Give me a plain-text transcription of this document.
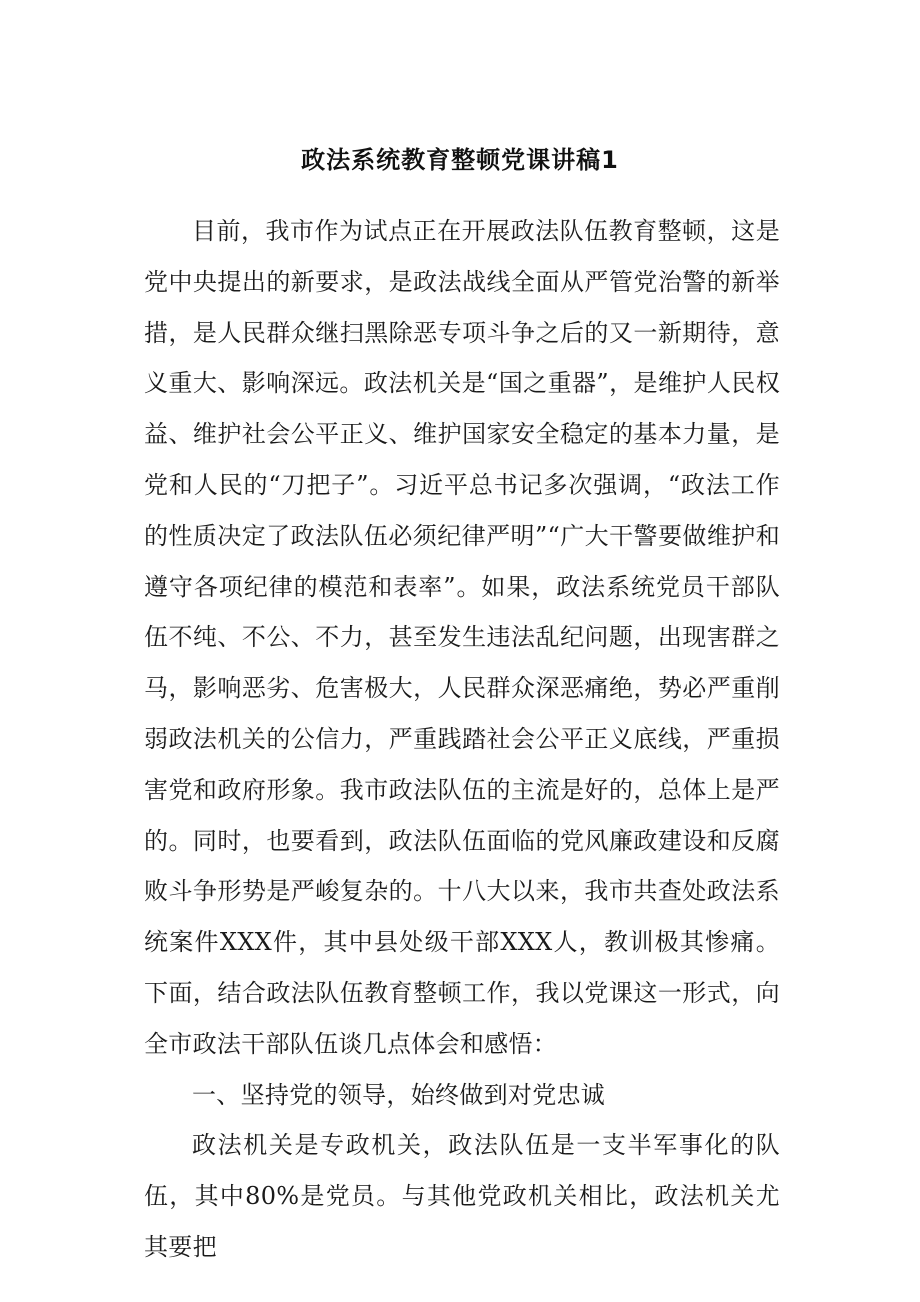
政法系统教育整顿党课讲稿1

目前，我市作为试点正在开展政法队伍教育整顿，这是党中央提出的新要求，是政法战线全面从严管党治警的新举措，是人民群众继扫黑除恶专项斗争之后的又一新期待，意义重大、影响深远。政法机关是“国之重器”，是维护人民权益、维护社会公平正义、维护国家安全稳定的基本力量，是党和人民的“刀把子”。习近平总书记多次强调，“政法工作的性质决定了政法队伍必须纪律严明”“广大干警要做维护和遵守各项纪律的模范和表率”。如果，政法系统党员干部队伍不纯、不公、不力，甚至发生违法乱纪问题，出现害群之马，影响恶劣、危害极大，人民群众深恶痛绝，势必严重削弱政法机关的公信力，严重践踏社会公平正义底线，严重损害党和政府形象。我市政法队伍的主流是好的，总体上是严的。同时，也要看到，政法队伍面临的党风廉政建设和反腐败斗争形势是严峻复杂的。十八大以来，我市共查处政法系统案件XXX件，其中县处级干部XXX人，教训极其惨痛。下面，结合政法队伍教育整顿工作，我以党课这一形式，向全市政法干部队伍谈几点体会和感悟：

一、坚持党的领导，始终做到对党忠诚

政法机关是专政机关，政法队伍是一支半军事化的队伍，其中80%是党员。与其他党政机关相比，政法机关尤其要把
